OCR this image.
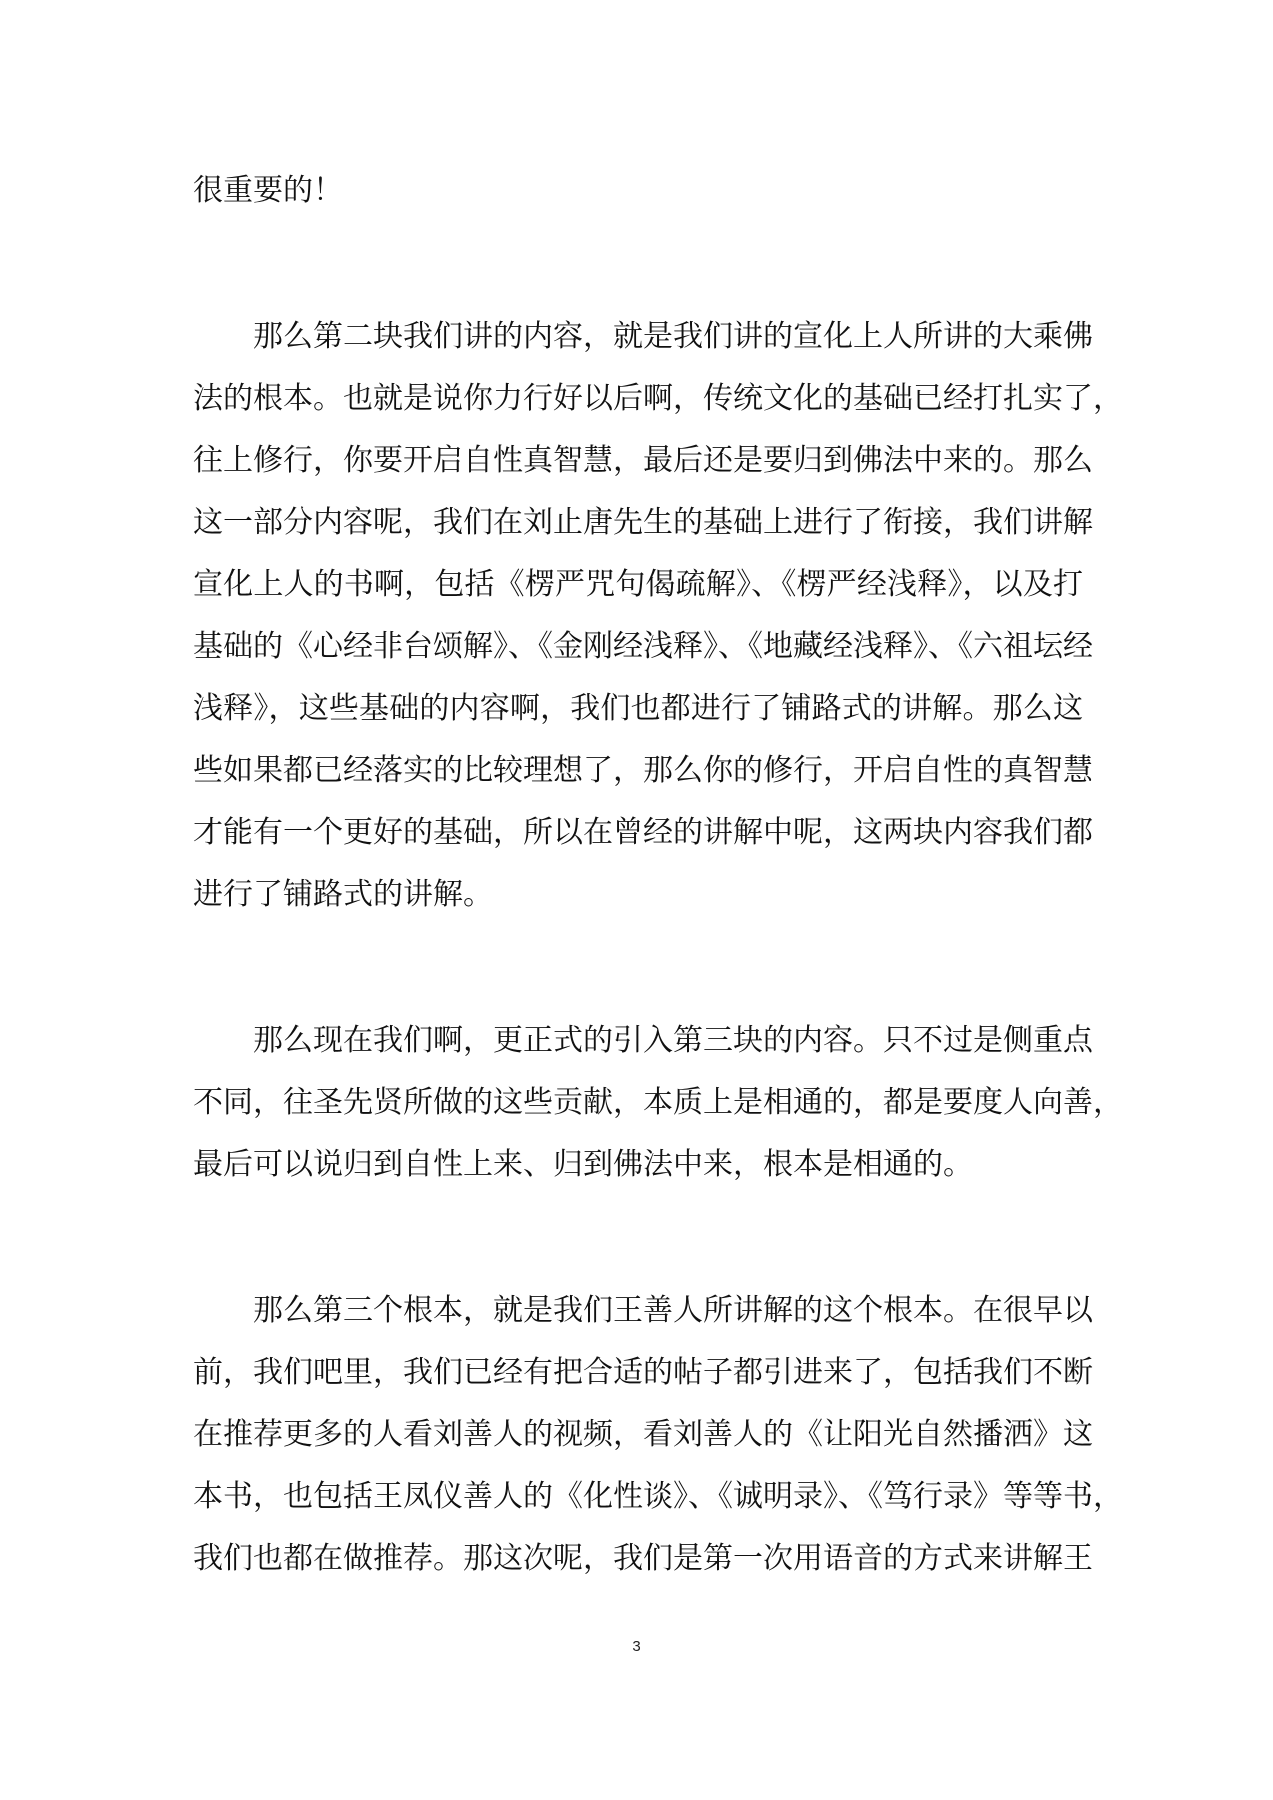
很重要的！
那么第二块我们讲的内容，就是我们讲的宣化上人所讲的大乘佛
法的根本。也就是说你力行好以后啊，传统文化的基础已经打扎实了，
往上修行，你要开启自性真智慧，最后还是要归到佛法中来的。那么
这一部分内容呢，我们在刘止唐先生的基础上进行了衔接，我们讲解
宣化上人的书啊，包括《楞严咒句偈疏解》、《楞严经浅释》，以及打
基础的《心经非台颂解》、《金刚经浅释》、《地藏经浅释》、《六祖坛经
浅释》，这些基础的内容啊，我们也都进行了铺路式的讲解。那么这
些如果都已经落实的比较理想了，那么你的修行，开启自性的真智慧
才能有一个更好的基础，所以在曾经的讲解中呢，这两块内容我们都
进行了铺路式的讲解。
那么现在我们啊，更正式的引入第三块的内容。只不过是侧重点
不同，往圣先贤所做的这些贡献，本质上是相通的，都是要度人向善，
最后可以说归到自性上来、归到佛法中来，根本是相通的。
那么第三个根本，就是我们王善人所讲解的这个根本。在很早以
前，我们吧里，我们已经有把合适的帖子都引进来了，包括我们不断
在推荐更多的人看刘善人的视频，看刘善人的《让阳光自然播洒》这
本书，也包括王凤仪善人的《化性谈》、《诚明录》、《笃行录》等等书，
我们也都在做推荐。那这次呢，我们是第一次用语音的方式来讲解王
3
